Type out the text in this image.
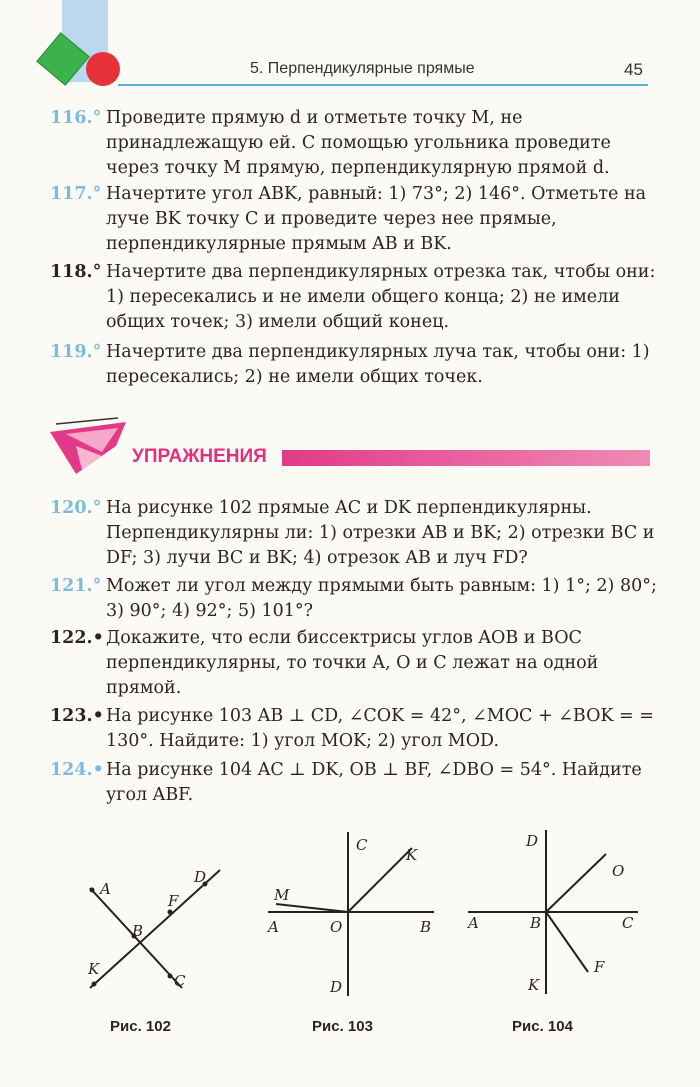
5. Перпендикулярные прямые	45
116.° Проведите прямую d и отметьте точку M, не принадлежащую ей. С помощью угольника проведите через точку M прямую, перпендикулярную прямой d.
117.° Начертите угол ABK, равный: 1) 73°; 2) 146°. Отметьте на луче BK точку C и проведите через нее прямые, перпендикулярные прямым AB и BK.
118.° Начертите два перпендикулярных отрезка так, чтобы они: 1) пересекались и не имели общего конца; 2) не имели общих точек; 3) имели общий конец.
119.° Начертите два перпендикулярных луча так, чтобы они: 1) пересекались; 2) не имели общих точек.
УПРАЖНЕНИЯ
120.° На рисунке 102 прямые AC и DK перпендикулярны. Перпендикулярны ли: 1) отрезки AB и BK; 2) отрезки BC и DF; 3) лучи BC и BK; 4) отрезок AB и луч FD?
121.° Может ли угол между прямыми быть равным: 1) 1°; 2) 80°; 3) 90°; 4) 92°; 5) 101°?
122.• Докажите, что если биссектрисы углов AOB и BOC перпендикулярны, то точки A, O и C лежат на одной прямой.
123.• На рисунке 103 AB ⊥ CD, ∠COK = 42°, ∠MOC + ∠BOK = = 130°. Найдите: 1) угол MOK; 2) угол MOD.
124.• На рисунке 104 AC ⊥ DK, OB ⊥ BF, ∠DBO = 54°. Найдите угол ABF.
A
B
C
D
F
K
Рис. 102
M
A	O	B
C
K
D
Рис. 103
D
O
A	B	C
F
K
Рис. 104
